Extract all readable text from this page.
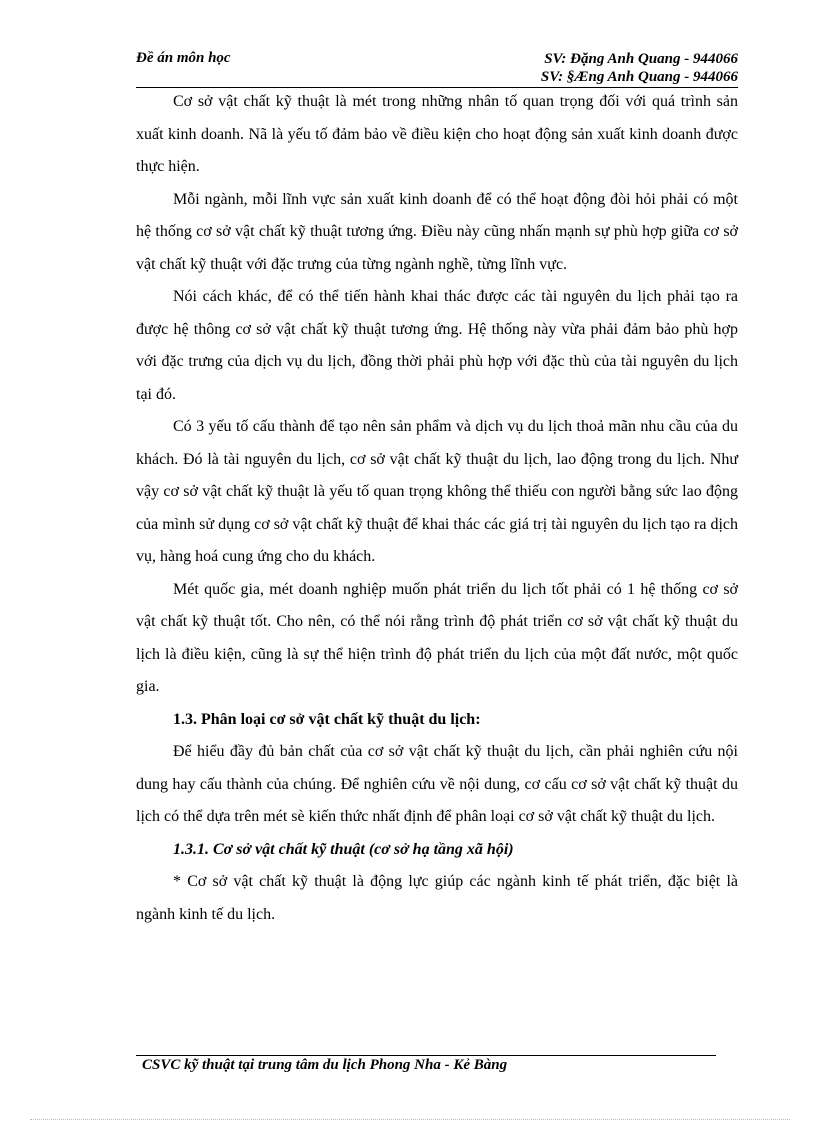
Đề án môn học	SV: Đặng Anh Quang - 944066
SV: §Æng Anh Quang - 944066

Cơ sở vật chất kỹ thuật là mét trong những nhân tố quan trọng đối với quá trình sản xuất kinh doanh. Nã là yếu tố đảm bảo về điều kiện cho hoạt động sản xuất kinh doanh được thực hiện.

Mỗi ngành, mỗi lĩnh vực sản xuất kinh doanh để có thể hoạt động đòi hỏi phải có một hệ thống cơ sở vật chất kỹ thuật tương ứng. Điều này cũng nhấn mạnh sự phù hợp giữa cơ sở vật chất kỹ thuật với đặc trưng của từng ngành nghề, từng lĩnh vực.

Nói cách khác, để có thể tiến hành khai thác được các tài nguyên du lịch phải tạo ra được hệ thông cơ sở vật chất kỹ thuật tương ứng. Hệ thống này vừa phải đảm bảo phù hợp với đặc trưng của dịch vụ du lịch, đồng thời phải phù hợp với đặc thù của tài nguyên du lịch tại đó.

Có 3 yếu tố cấu thành để tạo nên sản phẩm và dịch vụ du lịch thoả mãn nhu cầu của du khách. Đó là tài nguyên du lịch, cơ sở vật chất kỹ thuật du lịch, lao động trong du lịch. Như vậy cơ sở vật chất kỹ thuật là yếu tố quan trọng không thể thiếu con người bằng sức lao động của mình sử dụng cơ sở vật chất kỹ thuật để khai thác các giá trị tài nguyên du lịch tạo ra dịch vụ, hàng hoá cung ứng cho du khách.

Mét quốc gia, mét doanh nghiệp muốn phát triển du lịch tốt phải có 1 hệ thống cơ sở vật chất kỹ thuật tốt. Cho nên, có thể nói rằng trình độ phát triển cơ sở vật chất kỹ thuật du lịch là điều kiện, cũng là sự thể hiện trình độ phát triển du lịch của một đất nước, một quốc gia.

1.3. Phân loại cơ sở vật chất kỹ thuật du lịch:

Để hiểu đầy đủ bản chất của cơ sở vật chất kỹ thuật du lịch, cần phải nghiên cứu nội dung hay cấu thành của chúng. Để nghiên cứu về nội dung, cơ cấu cơ sở vật chất kỹ thuật du lịch có thể dựa trên mét sè kiến thức nhất định để phân loại cơ sở vật chất kỹ thuật du lịch.

1.3.1. Cơ sở vật chất kỹ thuật (cơ sở hạ tầng xã hội)

* Cơ sở vật chất kỹ thuật là động lực giúp các ngành kinh tế phát triển, đặc biệt là ngành kinh tế du lịch.

CSVC kỹ thuật tại trung tâm du lịch Phong Nha - Kẻ Bàng
